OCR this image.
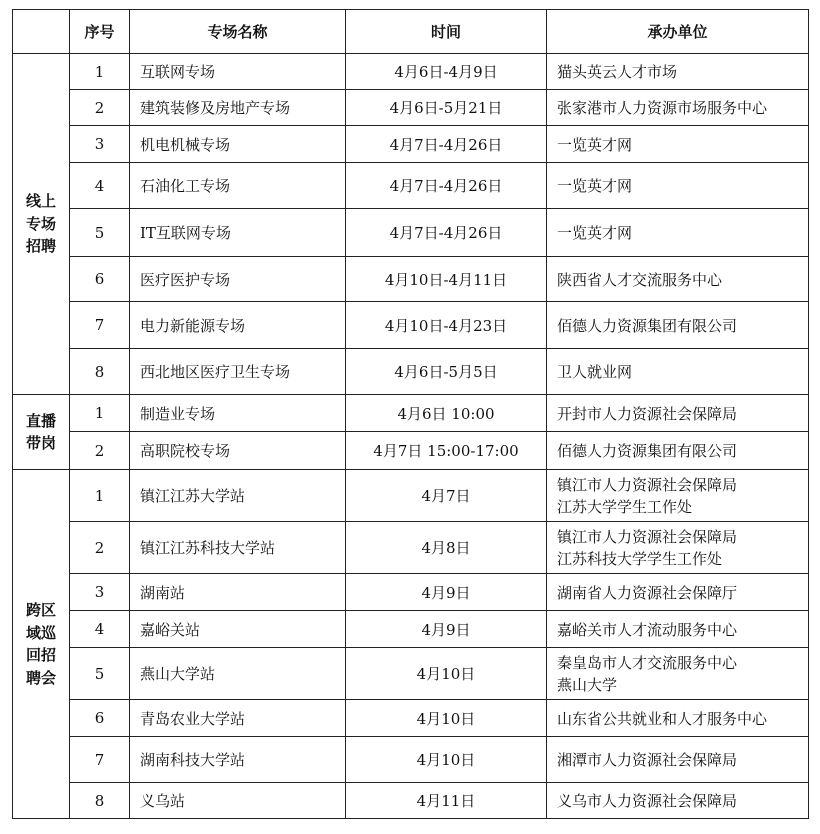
	序号	专场名称	时间	承办单位
线上专场招聘	1	互联网专场	4月6日-4月9日	猫头英云人才市场
	2	建筑装修及房地产专场	4月6日-5月21日	张家港市人力资源市场服务中心
	3	机电机械专场	4月7日-4月26日	一览英才网
	4	石油化工专场	4月7日-4月26日	一览英才网
	5	IT互联网专场	4月7日-4月26日	一览英才网
	6	医疗医护专场	4月10日-4月11日	陕西省人才交流服务中心
	7	电力新能源专场	4月10日-4月23日	佰德人力资源集团有限公司
	8	西北地区医疗卫生专场	4月6日-5月5日	卫人就业网
直播带岗	1	制造业专场	4月6日 10:00	开封市人力资源社会保障局
	2	高职院校专场	4月7日 15:00-17:00	佰德人力资源集团有限公司
跨区域巡回招聘会	1	镇江江苏大学站	4月7日	镇江市人力资源社会保障局
江苏大学学生工作处

	2	镇江江苏科技大学站	4月8日	镇江市人力资源社会保障局
江苏科技大学学生工作处

	3	湖南站	4月9日	湖南省人力资源社会保障厅
	4	嘉峪关站	4月9日	嘉峪关市人才流动服务中心
	5	燕山大学站	4月10日	秦皇岛市人才交流服务中心
燕山大学

	6	青岛农业大学站	4月10日	山东省公共就业和人才服务中心
	7	湖南科技大学站	4月10日	湘潭市人力资源社会保障局
	8	义乌站	4月11日	义乌市人力资源社会保障局
